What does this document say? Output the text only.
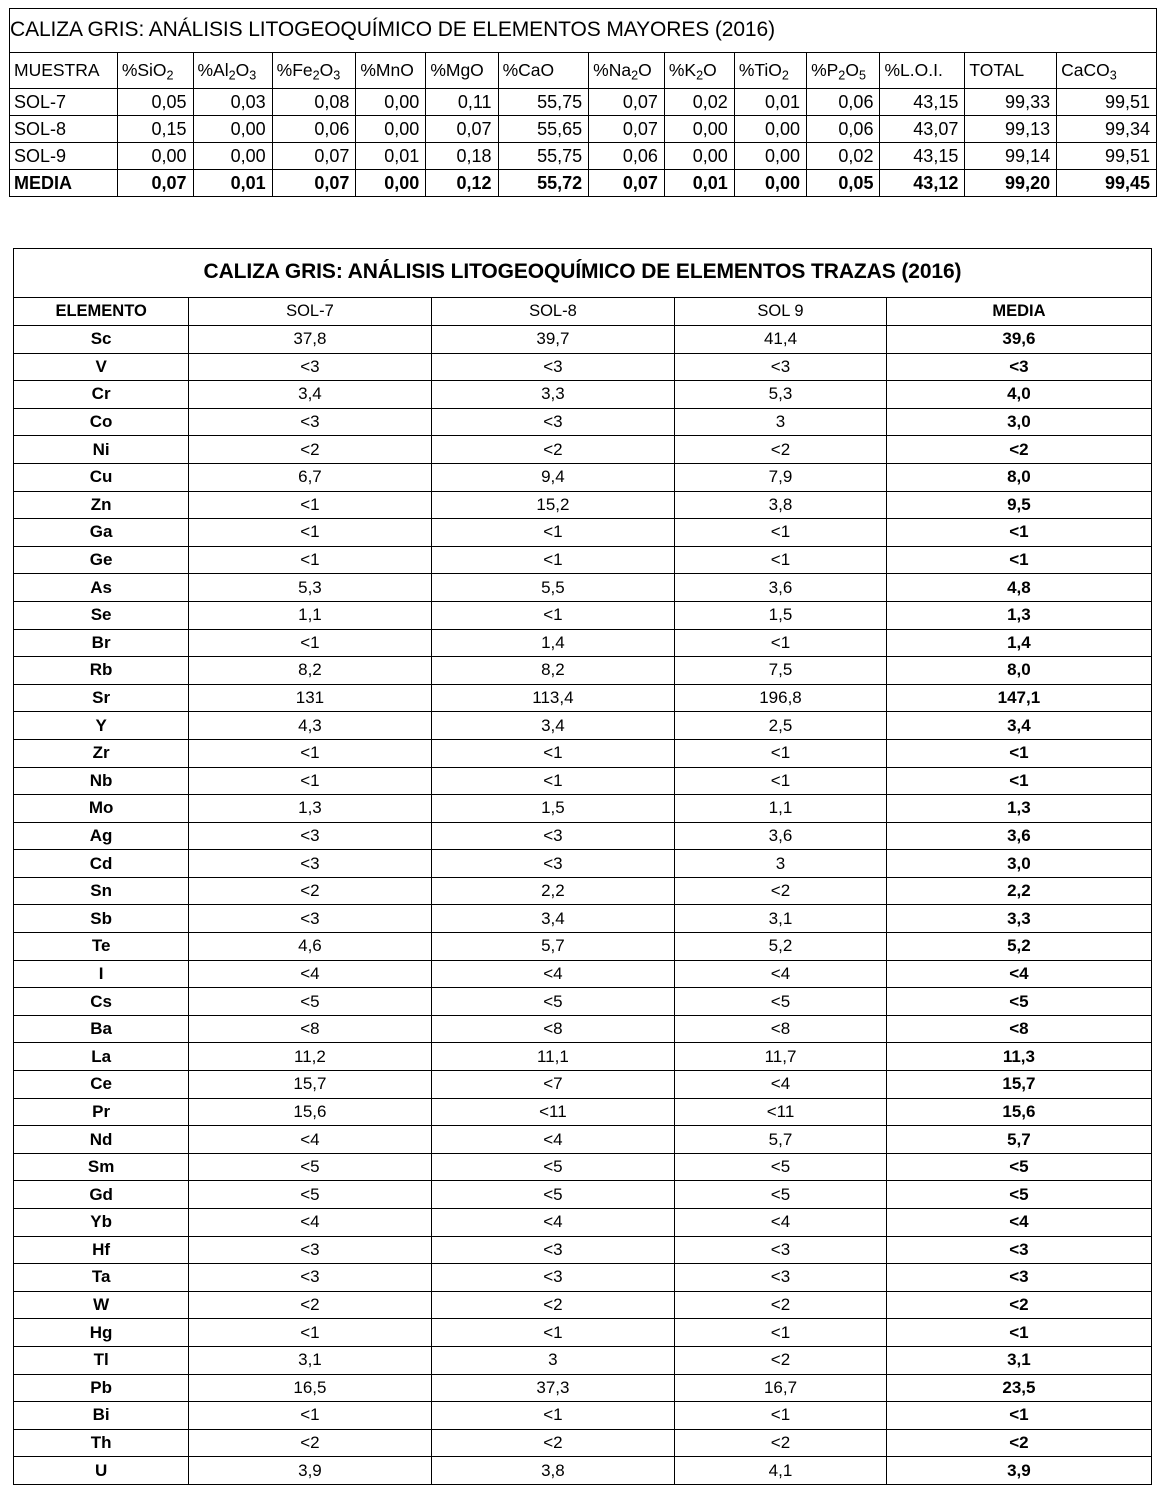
CALIZA GRIS: ANÁLISIS LITOGEOQUÍMICO DE ELEMENTOS MAYORES (2016)													
MUESTRA	%SiO$_2$	$\%Al_2O_3$	$\%Fe_2O_3$	%MnO	%MgO	%CaO	$\%Na_2O$	$\%K_2O$	%TiO$_2$	$\%P_2O_5$	%L.O.I.	TOTAL	CaCO$_3$
SOL-7	0,05	0,03	0,08	0,00	0,11	55,75	0,07	0,02	0,01	0,06	43,15	99,33	99,51
SOL-8	0,15	0,00	0,06	0,00	0,07	55,65	0,07	0,00	0,00	0,06	43,07	99,13	99,34
SOL-9	0,00	0,00	0,07	0,01	0,18	55,75	0,06	0,00	0,00	0,02	43,15	99,14	99,51
MEDIA	0,07	0,01	0,07	0,00	0,12	55,72	0,07	0,01	0,00	0,05	43,12	99,20	99,45
CALIZA GRIS: ANÁLISIS LITOGEOQUÍMICO DE ELEMENTOS TRAZAS (2016)				
ELEMENTO	SOL-7	SOL-8	SOL 9	MEDIA
Sc	37,8	39,7	41,4	39,6
V	<3	<3	<3	<3
Cr	3,4	3,3	5,3	4,0
Co	<3	<3	3	3,0
Ni	<2	<2	<2	<2
Cu	6,7	9,4	7,9	8,0
Zn	<1	15,2	3,8	9,5
Ga	<1	<1	<1	<1
Ge	<1	<1	<1	<1
As	5,3	5,5	3,6	4,8
Se	1,1	<1	1,5	1,3
Br	<1	1,4	<1	1,4
Rb	8,2	8,2	7,5	8,0
Sr	131	113,4	196,8	147,1
Y	4,3	3,4	2,5	3,4
Zr	<1	<1	<1	<1
Nb	<1	<1	<1	<1
Mo	1,3	1,5	1,1	1,3
Ag	<3	<3	3,6	3,6
Cd	<3	<3	3	3,0
Sn	<2	2,2	<2	2,2
Sb	<3	3,4	3,1	3,3
Te	4,6	5,7	5,2	5,2
I	<4	<4	<4	<4
Cs	<5	<5	<5	<5
Ba	<8	<8	<8	<8
La	11,2	11,1	11,7	11,3
Ce	15,7	<7	<4	15,7
Pr	15,6	<11	<11	15,6
Nd	<4	<4	5,7	5,7
Sm	<5	<5	<5	<5
Gd	<5	<5	<5	<5
Yb	<4	<4	<4	<4
Hf	<3	<3	<3	<3
Ta	<3	<3	<3	<3
W	<2	<2	<2	<2
Hg	<1	<1	<1	<1
Tl	3,1	3	<2	3,1
Pb	16,5	37,3	16,7	23,5
Bi	<1	<1	<1	<1
Th	<2	<2	<2	<2
U	3,9	3,8	4,1	3,9
